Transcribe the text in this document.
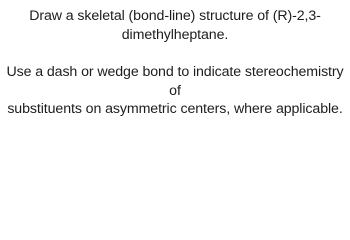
Draw a skeletal (bond-line) structure of (R)-2,3-
dimethylheptane.

Use a dash or wedge bond to indicate stereochemistry of
substituents on asymmetric centers, where applicable.
